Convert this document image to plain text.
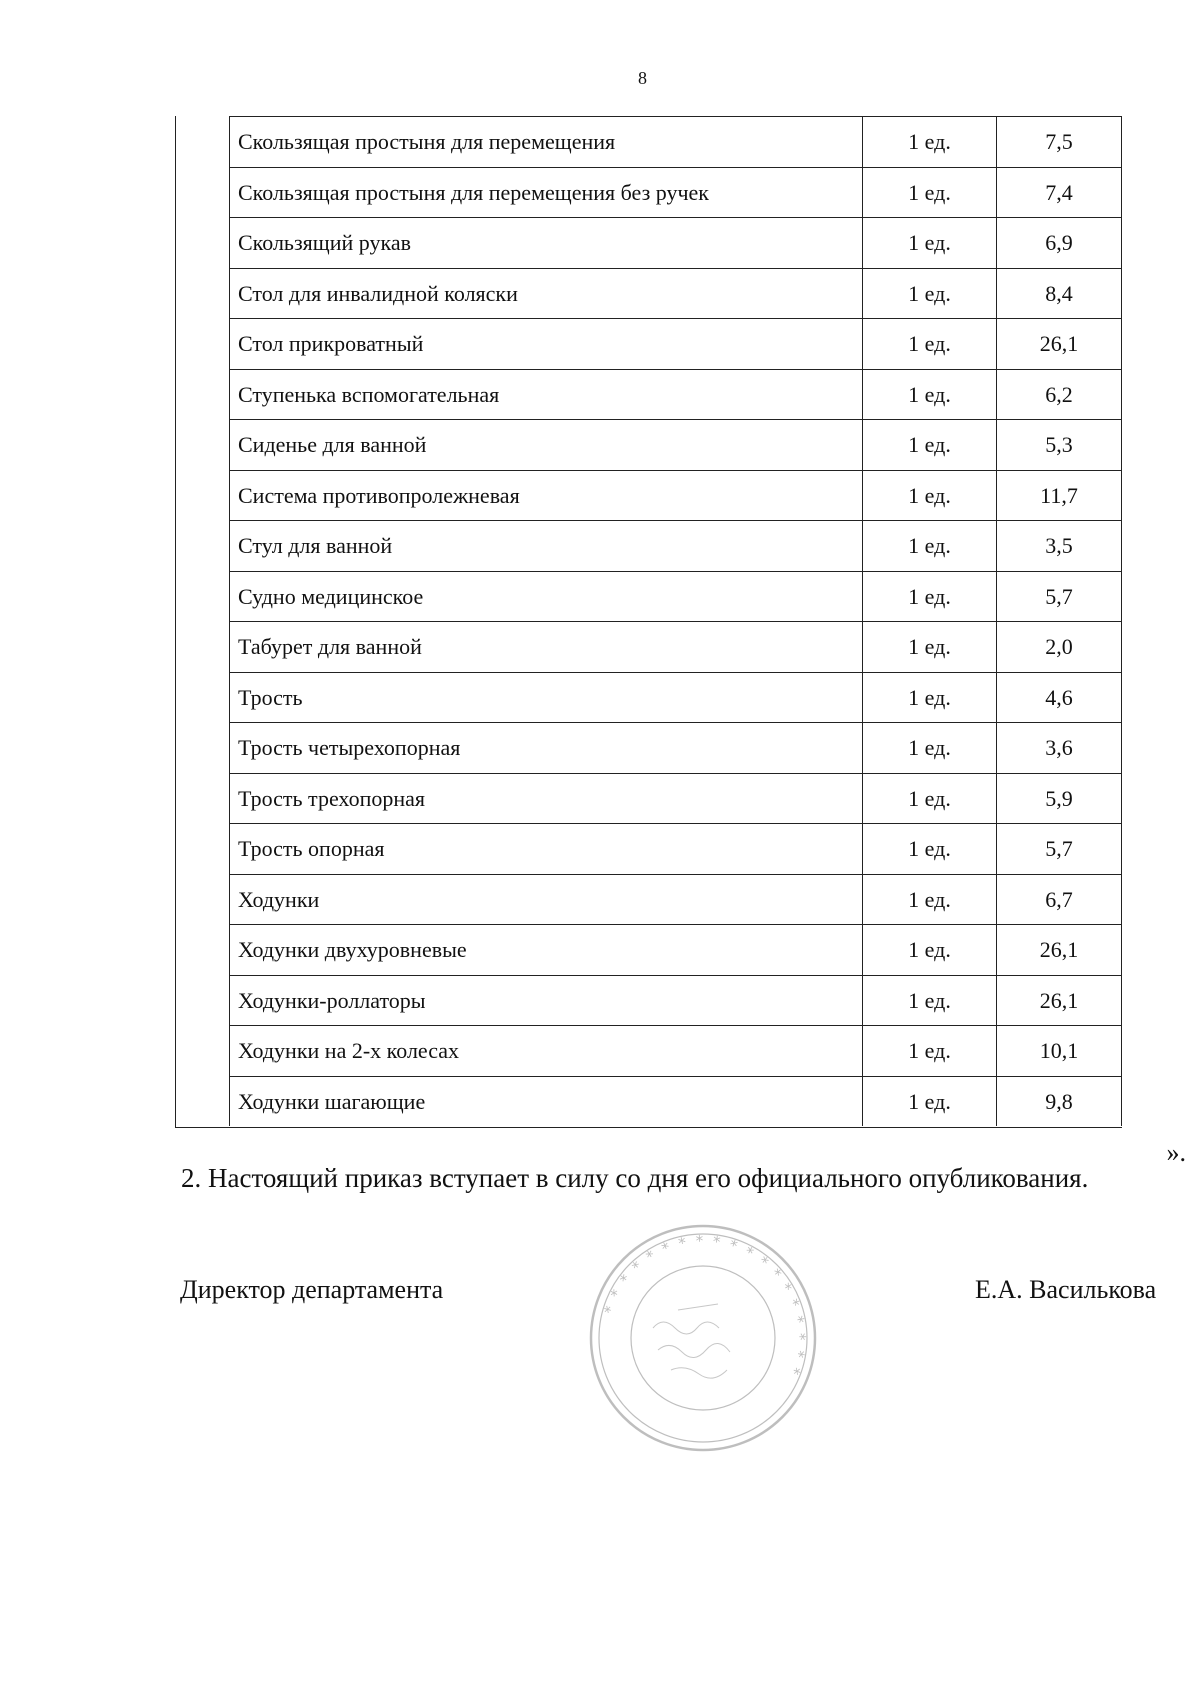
8
Скользящая простыня для перемещения	1 ед.	7,5
Скользящая простыня для перемещения без ручек	1 ед.	7,4
Скользящий рукав	1 ед.	6,9
Стол для инвалидной коляски	1 ед.	8,4
Стол прикроватный	1 ед.	26,1
Ступенька вспомогательная	1 ед.	6,2
Сиденье для ванной	1 ед.	5,3
Система противопролежневая	1 ед.	11,7
Стул для ванной	1 ед.	3,5
Судно медицинское	1 ед.	5,7
Табурет для ванной	1 ед.	2,0
Трость	1 ед.	4,6
Трость четырехопорная	1 ед.	3,6
Трость трехопорная	1 ед.	5,9
Трость опорная	1 ед.	5,7
Ходунки	1 ед.	6,7
Ходунки двухуровневые	1 ед.	26,1
Ходунки-роллаторы	1 ед.	26,1
Ходунки на 2-х колесах	1 ед.	10,1
Ходунки шагающие	1 ед.	9,8
».
2. Настоящий приказ вступает в силу со дня его официального опубликования.
Директор департамента	Е.А. Василькова
* * * * * * * * * * * * * * * * * * *
